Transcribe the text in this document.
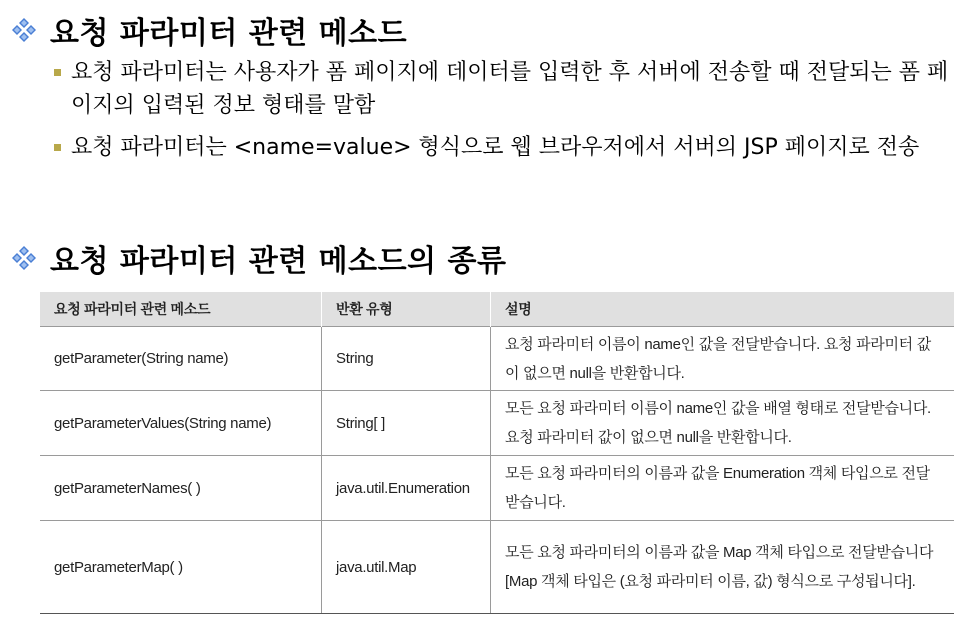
요청 파라미터 관련 메소드
요청 파라미터는 사용자가 폼 페이지에 데이터를 입력한 후 서버에 전송할 때 전달되는 폼 페이지의 입력된 정보 형태를 말함
요청 파라미터는 <name=value> 형식으로 웹 브라우저에서 서버의 JSP 페이지로 전송
요청 파라미터 관련 메소드의 종류
요청 파라미터 관련 메소드	반환 유형	설명
getParameter(String name)	String	요청 파라미터 이름이 name인 값을 전달받습니다. 요청 파라미터 값이 없으면 null을 반환합니다.
getParameterValues(String name)	String[ ]	모든 요청 파라미터 이름이 name인 값을 배열 형태로 전달받습니다. 요청 파라미터 값이 없으면 null을 반환합니다.
getParameterNames( )	java.util.Enumeration	모든 요청 파라미터의 이름과 값을 Enumeration 객체 타입으로 전달받습니다.
getParameterMap( )	java.util.Map	모든 요청 파라미터의 이름과 값을 Map 객체 타입으로 전달받습니다[Map 객체 타입은 (요청 파라미터 이름, 값) 형식으로 구성됩니다].
